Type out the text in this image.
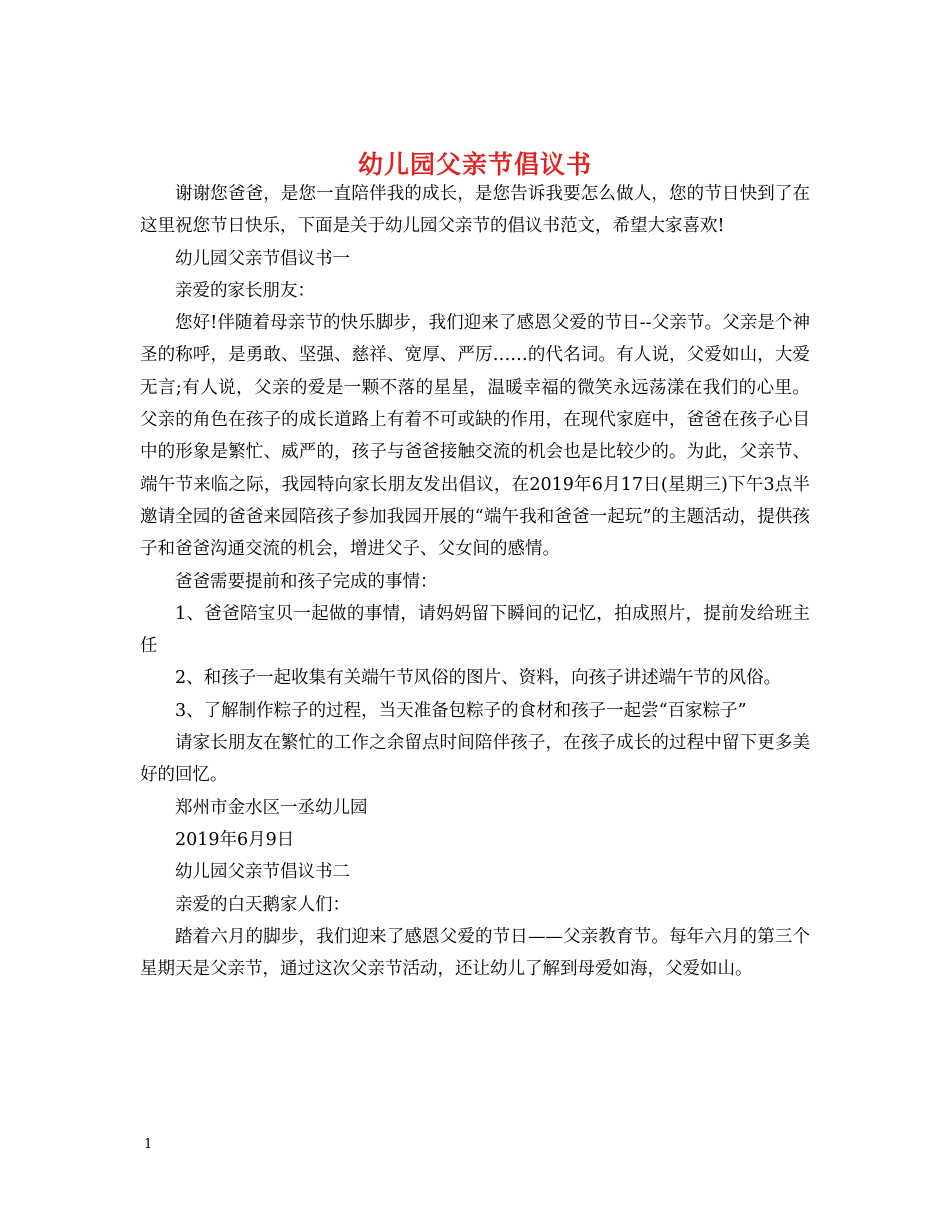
幼儿园父亲节倡议书

谢谢您爸爸，是您一直陪伴我的成长，是您告诉我要怎么做人，您的节日快到了在这里祝您节日快乐，下面是关于幼儿园父亲节的倡议书范文，希望大家喜欢!

幼儿园父亲节倡议书一

亲爱的家长朋友：

您好!伴随着母亲节的快乐脚步，我们迎来了感恩父爱的节日--父亲节。父亲是个神圣的称呼，是勇敢、坚强、慈祥、宽厚、严厉……的代名词。有人说，父爱如山，大爱无言;有人说，父亲的爱是一颗不落的星星，温暖幸福的微笑永远荡漾在我们的心里。父亲的角色在孩子的成长道路上有着不可或缺的作用，在现代家庭中，爸爸在孩子心目中的形象是繁忙、威严的，孩子与爸爸接触交流的机会也是比较少的。为此，父亲节、端午节来临之际，我园特向家长朋友发出倡议，在2019年6月17日(星期三)下午3点半邀请全园的爸爸来园陪孩子参加我园开展的“端午我和爸爸一起玩”的主题活动，提供孩子和爸爸沟通交流的机会，增进父子、父女间的感情。

爸爸需要提前和孩子完成的事情：

1、爸爸陪宝贝一起做的事情，请妈妈留下瞬间的记忆，拍成照片，提前发给班主任

2、和孩子一起收集有关端午节风俗的图片、资料，向孩子讲述端午节的风俗。

3、了解制作粽子的过程，当天准备包粽子的食材和孩子一起尝“百家粽子”

请家长朋友在繁忙的工作之余留点时间陪伴孩子，在孩子成长的过程中留下更多美好的回忆。

郑州市金水区一丞幼儿园

2019年6月9日

幼儿园父亲节倡议书二

亲爱的白天鹅家人们：

踏着六月的脚步，我们迎来了感恩父爱的节日——父亲教育节。每年六月的第三个星期天是父亲节，通过这次父亲节活动，还让幼儿了解到母爱如海，父爱如山。

1
